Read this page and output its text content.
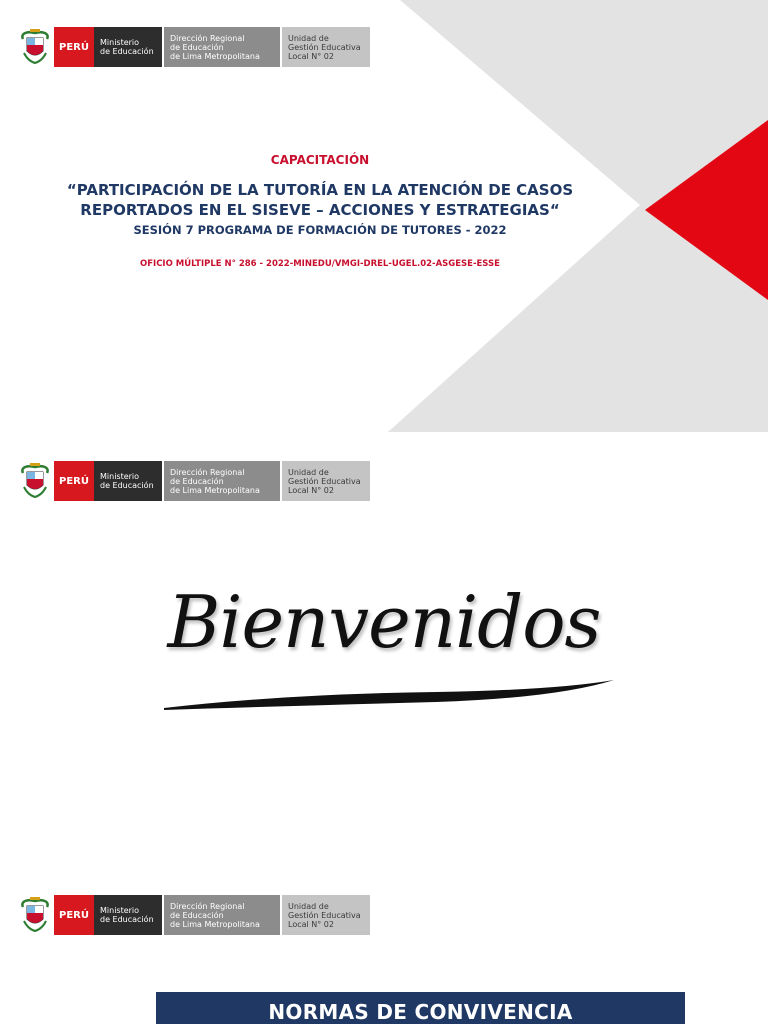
PERÚ	Ministerio
de Educación
Dirección Regional
de Educación
de Lima Metropolitana
Unidad de
Gestión Educativa
Local N° 02
CAPACITACIÓN
“PARTICIPACIÓN DE LA TUTORÍA EN LA ATENCIÓN DE CASOS
REPORTADOS EN EL SISEVE – ACCIONES Y ESTRATEGIAS“
SESIÓN 7 PROGRAMA DE FORMACIÓN DE TUTORES - 2022
OFICIO MÚLTIPLE N° 286 - 2022-MINEDU/VMGI-DREL-UGEL.02-ASGESE-ESSE
PERÚ	Ministerio
de Educación
Dirección Regional
de Educación
de Lima Metropolitana
Unidad de
Gestión Educativa
Local N° 02
Bienvenidos
PERÚ	Ministerio
de Educación
Dirección Regional
de Educación
de Lima Metropolitana
Unidad de
Gestión Educativa
Local N° 02
NORMAS DE CONVIVENCIA
